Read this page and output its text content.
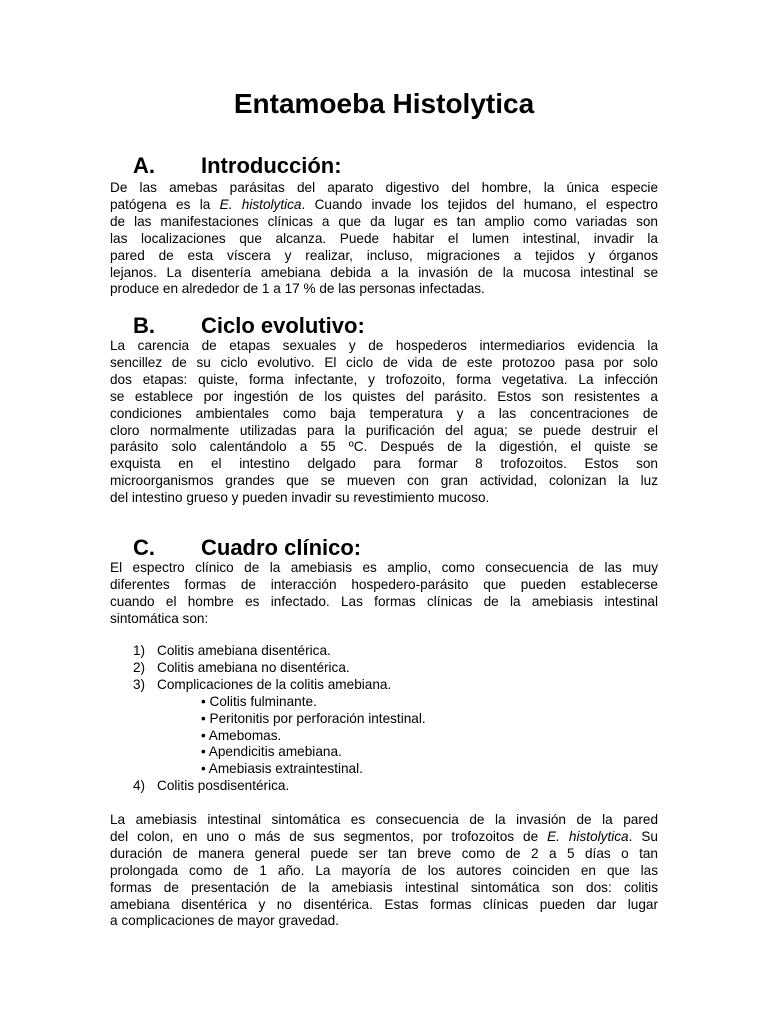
Entamoeba Histolytica
A. Introducción:
De las amebas parásitas del aparato digestivo del hombre, la única especie
patógena es la E. histolytica. Cuando invade los tejidos del humano, el espectro
de las manifestaciones clínicas a que da lugar es tan amplio como variadas son
las localizaciones que alcanza. Puede habitar el lumen intestinal, invadir la
pared de esta víscera y realizar, incluso, migraciones a tejidos y órganos
lejanos. La disentería amebiana debida a la invasión de la mucosa intestinal se
produce en alrededor de 1 a 17 % de las personas infectadas.
B. Ciclo evolutivo:
La carencia de etapas sexuales y de hospederos intermediarios evidencia la
sencillez de su ciclo evolutivo. El ciclo de vida de este protozoo pasa por solo
dos etapas: quiste, forma infectante, y trofozoito, forma vegetativa. La infección
se establece por ingestión de los quistes del parásito. Estos son resistentes a
condiciones ambientales como baja temperatura y a las concentraciones de
cloro normalmente utilizadas para la purificación del agua; se puede destruir el
parásito solo calentándolo a 55 ºC. Después de la digestión, el quiste se
exquista en el intestino delgado para formar 8 trofozoitos. Estos son
microorganismos grandes que se mueven con gran actividad, colonizan la luz
del intestino grueso y pueden invadir su revestimiento mucoso.
C. Cuadro clínico:
El espectro clínico de la amebiasis es amplio, como consecuencia de las muy
diferentes formas de interacción hospedero-parásito que pueden establecerse
cuando el hombre es infectado. Las formas clínicas de la amebiasis intestinal
sintomática son:
1) Colitis amebiana disentérica.
2) Colitis amebiana no disentérica.
3) Complicaciones de la colitis amebiana.
• Colitis fulminante.
• Peritonitis por perforación intestinal.
• Amebomas.
• Apendicitis amebiana.
• Amebiasis extraintestinal.
4) Colitis posdisentérica.
La amebiasis intestinal sintomática es consecuencia de la invasión de la pared
del colon, en uno o más de sus segmentos, por trofozoitos de E. histolytica. Su
duración de manera general puede ser tan breve como de 2 a 5 días o tan
prolongada como de 1 año. La mayoría de los autores coinciden en que las
formas de presentación de la amebiasis intestinal sintomática son dos: colitis
amebiana disentérica y no disentérica. Estas formas clínicas pueden dar lugar
a complicaciones de mayor gravedad.
